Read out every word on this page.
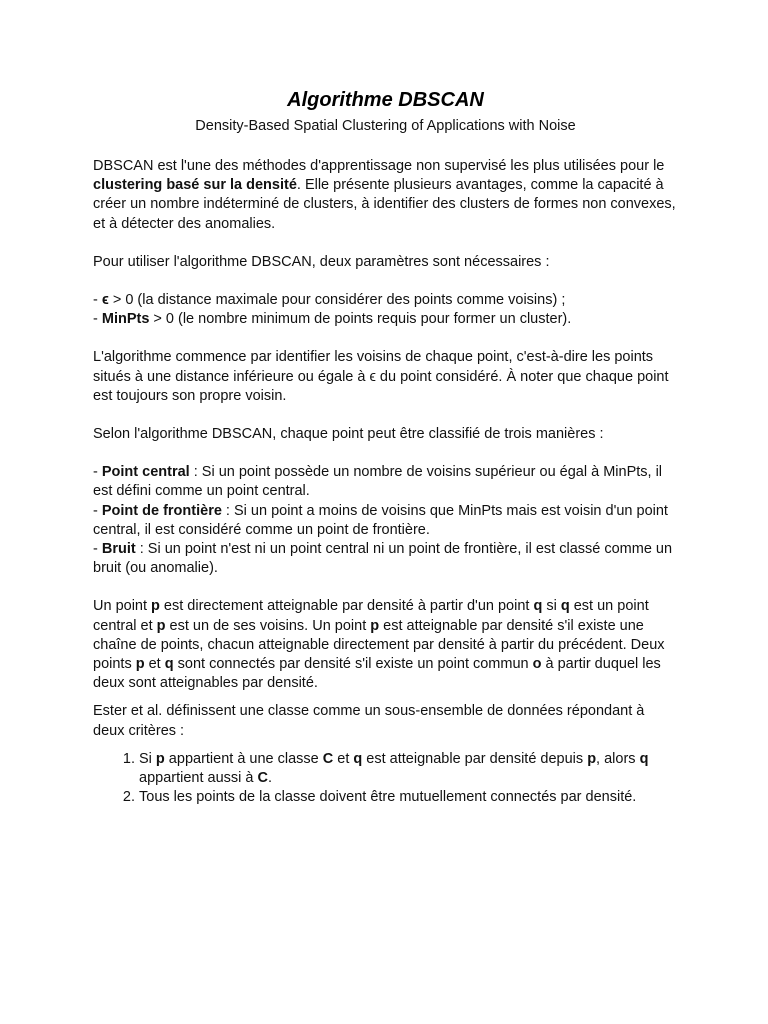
Algorithme DBSCAN
Density-Based Spatial Clustering of Applications with Noise

DBSCAN est l'une des méthodes d'apprentissage non supervisé les plus utilisées pour le clustering basé sur la densité. Elle présente plusieurs avantages, comme la capacité à créer un nombre indéterminé de clusters, à identifier des clusters de formes non convexes, et à détecter des anomalies.

Pour utiliser l'algorithme DBSCAN, deux paramètres sont nécessaires :

- ϵ > 0 (la distance maximale pour considérer des points comme voisins) ;

- MinPts > 0 (le nombre minimum de points requis pour former un cluster).

L'algorithme commence par identifier les voisins de chaque point, c'est-à-dire les points situés à une distance inférieure ou égale à ϵ du point considéré. À noter que chaque point est toujours son propre voisin.

Selon l'algorithme DBSCAN, chaque point peut être classifié de trois manières :

- Point central : Si un point possède un nombre de voisins supérieur ou égal à MinPts, il est défini comme un point central.

- Point de frontière : Si un point a moins de voisins que MinPts mais est voisin d'un point central, il est considéré comme un point de frontière.

- Bruit : Si un point n'est ni un point central ni un point de frontière, il est classé comme un bruit (ou anomalie).

Un point p est directement atteignable par densité à partir d'un point q si q est un point central et p est un de ses voisins. Un point p est atteignable par densité s'il existe une chaîne de points, chacun atteignable directement par densité à partir du précédent. Deux points p et q sont connectés par densité s'il existe un point commun o à partir duquel les deux sont atteignables par densité.

Ester et al. définissent une classe comme un sous-ensemble de données répondant à deux critères :

1. Si p appartient à une classe C et q est atteignable par densité depuis p, alors q appartient aussi à C.
2. Tous les points de la classe doivent être mutuellement connectés par densité.
